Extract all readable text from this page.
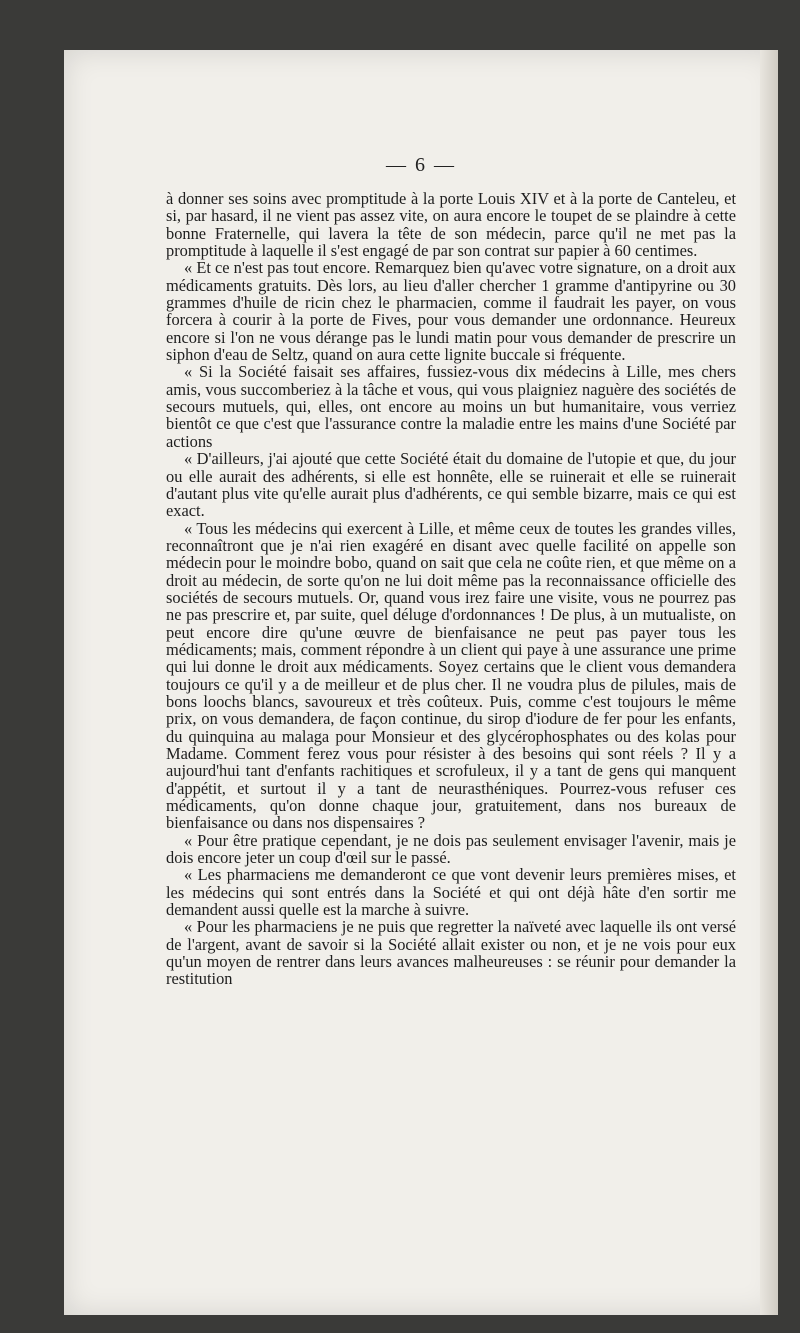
— 6 —

à donner ses soins avec promptitude à la porte Louis XIV et à la porte de Canteleu, et si, par hasard, il ne vient pas assez vite, on aura encore le toupet de se plaindre à cette bonne Fraternelle, qui lavera la tête de son médecin, parce qu'il ne met pas la promptitude à laquelle il s'est engagé de par son contrat sur papier à 60 centimes.

« Et ce n'est pas tout encore. Remarquez bien qu'avec votre signature, on a droit aux médicaments gratuits. Dès lors, au lieu d'aller chercher 1 gramme d'antipyrine ou 30 grammes d'huile de ricin chez le pharmacien, comme il faudrait les payer, on vous forcera à courir à la porte de Fives, pour vous demander une ordonnance. Heureux encore si l'on ne vous dérange pas le lundi matin pour vous demander de prescrire un siphon d'eau de Seltz, quand on aura cette lignite buccale si fréquente.

« Si la Société faisait ses affaires, fussiez-vous dix médecins à Lille, mes chers amis, vous succomberiez à la tâche et vous, qui vous plaigniez naguère des sociétés de secours mutuels, qui, elles, ont encore au moins un but humanitaire, vous verriez bientôt ce que c'est que l'assurance contre la maladie entre les mains d'une Société par actions

« D'ailleurs, j'ai ajouté que cette Société était du domaine de l'utopie et que, du jour ou elle aurait des adhérents, si elle est honnête, elle se ruinerait et elle se ruinerait d'autant plus vite qu'elle aurait plus d'adhérents, ce qui semble bizarre, mais ce qui est exact.

« Tous les médecins qui exercent à Lille, et même ceux de toutes les grandes villes, reconnaîtront que je n'ai rien exagéré en disant avec quelle facilité on appelle son médecin pour le moindre bobo, quand on sait que cela ne coûte rien, et que même on a droit au médecin, de sorte qu'on ne lui doit même pas la reconnaissance officielle des sociétés de secours mutuels. Or, quand vous irez faire une visite, vous ne pourrez pas ne pas prescrire et, par suite, quel déluge d'ordonnances ! De plus, à un mutualiste, on peut encore dire qu'une œuvre de bienfaisance ne peut pas payer tous les médicaments; mais, comment répondre à un client qui paye à une assurance une prime qui lui donne le droit aux médicaments. Soyez certains que le client vous demandera toujours ce qu'il y a de meilleur et de plus cher. Il ne voudra plus de pilules, mais de bons loochs blancs, savoureux et très coûteux. Puis, comme c'est toujours le même prix, on vous demandera, de façon continue, du sirop d'iodure de fer pour les enfants, du quinquina au malaga pour Monsieur et des glycérophosphates ou des kolas pour Madame. Comment ferez vous pour résister à des besoins qui sont réels ? Il y a aujourd'hui tant d'enfants rachitiques et scrofuleux, il y a tant de gens qui manquent d'appétit, et surtout il y a tant de neurasthéniques. Pourrez-vous refuser ces médicaments, qu'on donne chaque jour, gratuitement, dans nos bureaux de bienfaisance ou dans nos dispensaires ?

« Pour être pratique cependant, je ne dois pas seulement envisager l'avenir, mais je dois encore jeter un coup d'œil sur le passé.

« Les pharmaciens me demanderont ce que vont devenir leurs premières mises, et les médecins qui sont entrés dans la Société et qui ont déjà hâte d'en sortir me demandent aussi quelle est la marche à suivre.

« Pour les pharmaciens je ne puis que regretter la naïveté avec laquelle ils ont versé de l'argent, avant de savoir si la Société allait exister ou non, et je ne vois pour eux qu'un moyen de rentrer dans leurs avances malheureuses : se réunir pour demander la restitution
